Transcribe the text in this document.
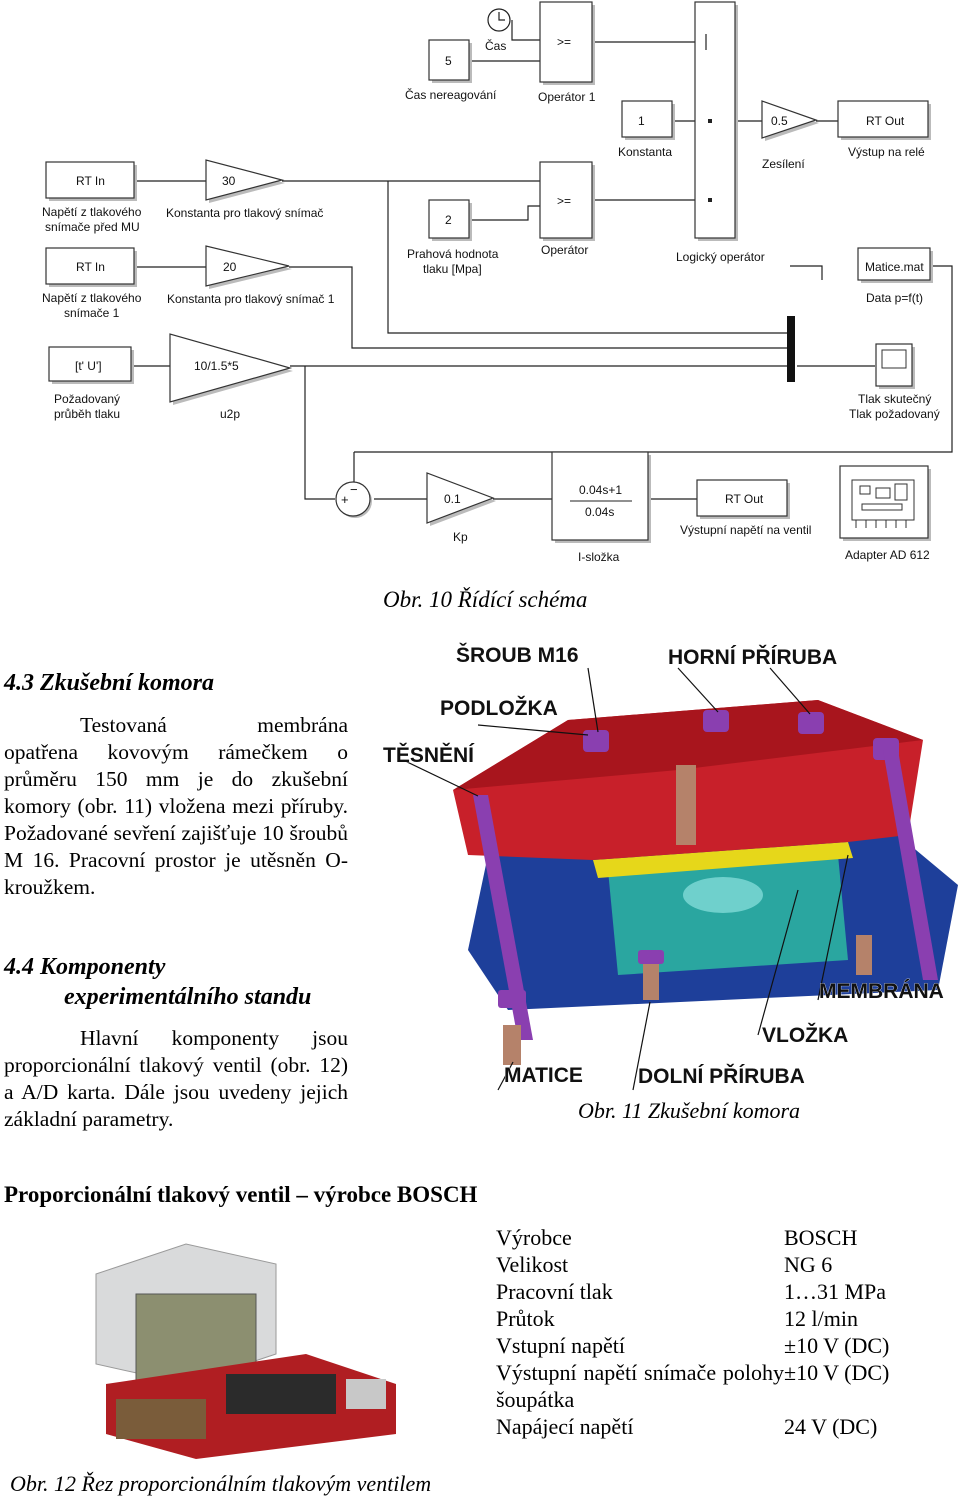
Čas
5
Čas nereagování
>=
Operátor 1
1
Konstanta
Logický operátor
0.5
Zesílení
RT Out
Výstup na relé
RT In
Napětí z tlakového
snímače před MU
30
Konstanta pro tlakový snímač	2
Prahová hodnota
tlaku [Mpa]
>=
Operátor
RT In
Napětí z tlakového
snímače 1
20
Konstanta pro tlakový snímač 1
Matice.mat
Data p=f(t)
[t' U']
Požadovaný
průběh tlaku
10/1.5*5
u2p
Tlak skutečný
Tlak požadovaný
+
−
0.1
Kp
0.04s+1
0.04s
I-složka
RT Out
Výstupní napětí na ventil
Adapter AD 612
Obr. 10 Řídící schéma
4.3 Zkušební komora
Testovaná membrána
opatřena kovovým rámečkem o průměru 150 mm je do zkušební komory (obr. 11) vložena mezi příruby. Požadované sevření zajišťuje 10 šroubů M 16. Pracovní prostor je utěsněn O-kroužkem.
4.4 Komponenty
experimentálního standu
Hlavní komponenty jsou
proporcionální tlakový ventil (obr. 12) a A/D karta. Dále jsou uvedeny jejich základní parametry.
ŠROUB M16	HORNÍ PŘÍRUBA
PODLOŽKA
TĚSNĚNÍ
MEMBRÁNA
VLOŽKA
MATICE	DOLNÍ PŘÍRUBA
Obr. 11 Zkušební komora
Proporcionální tlakový ventil – výrobce BOSCH
Výrobce	BOSCH
Velikost	NG 6
Pracovní tlak	1…31 MPa
Průtok	12 l/min
Vstupní napětí	±10 V (DC)
Výstupní napětí snímače polohy šoupátka	±10 V (DC)
Napájecí napětí	24 V (DC)
Obr. 12 Řez proporcionálním tlakovým ventilem
